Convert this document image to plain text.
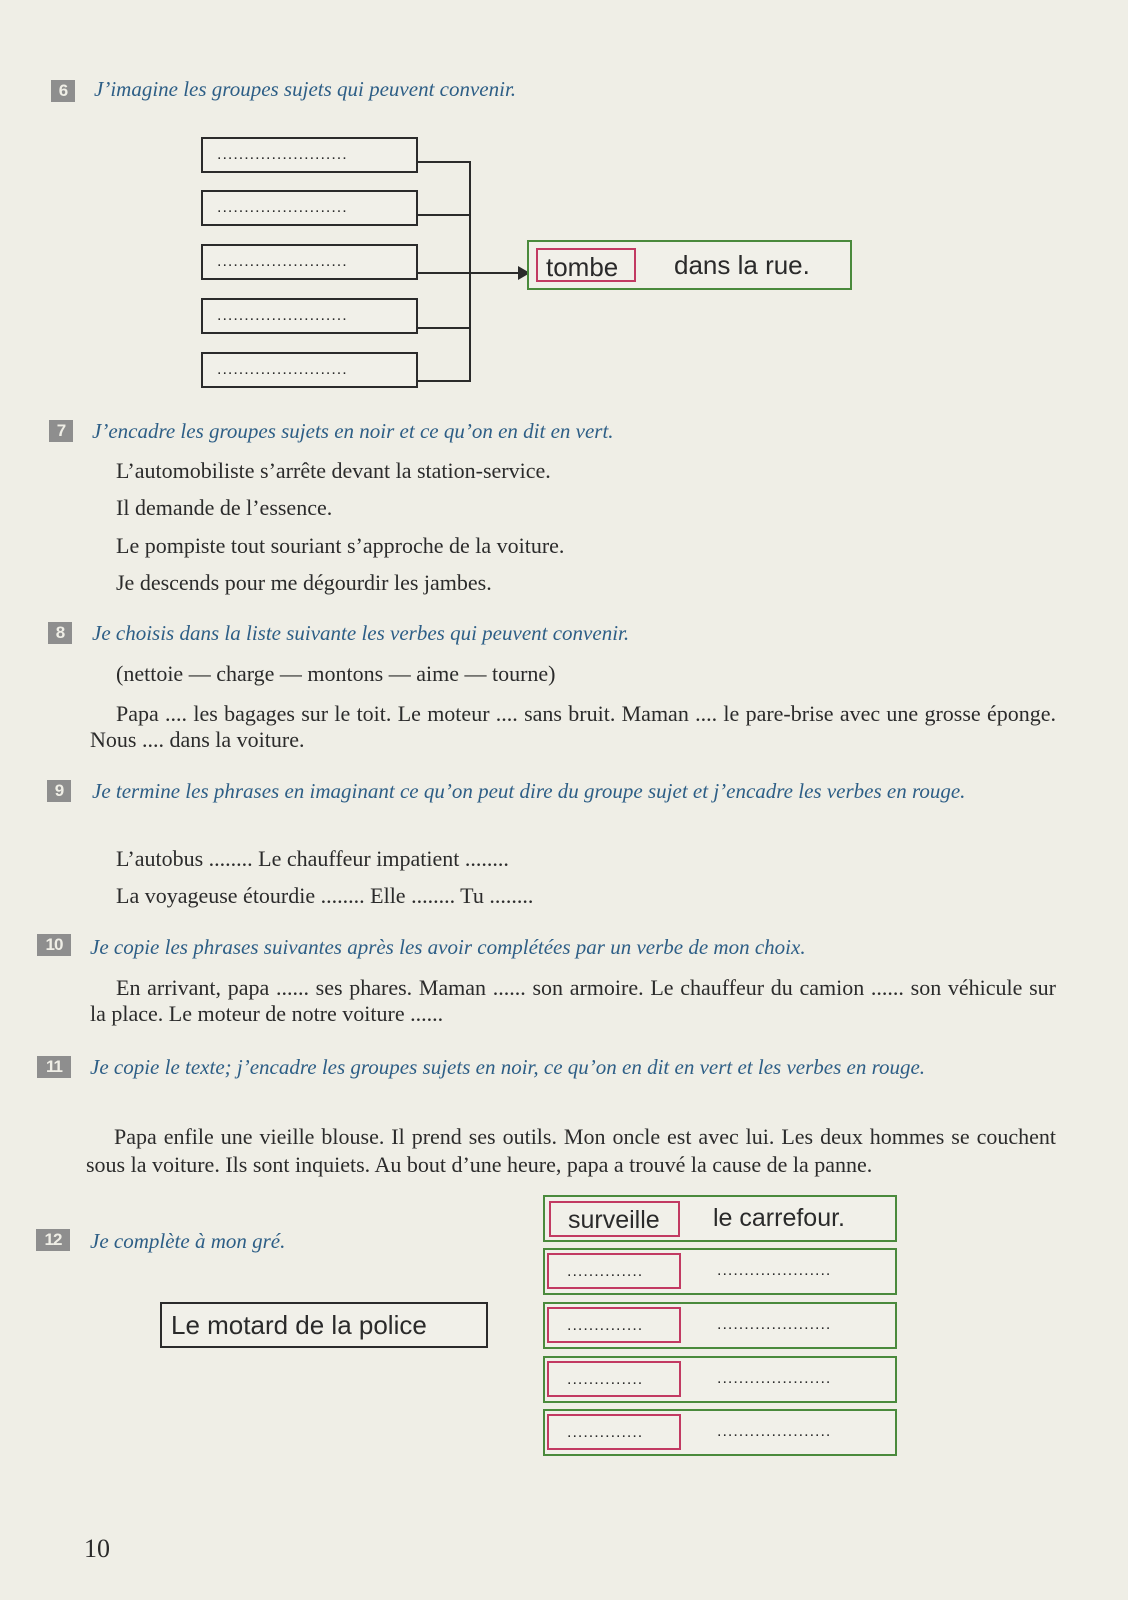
6	J’imagine les groupes sujets qui peuvent convenir.
........................
........................
........................
........................
........................
tombe dans la rue.
7	J’encadre les groupes sujets en noir et ce qu’on en dit en vert.
L’automobiliste s’arrête devant la station-service.
Il demande de l’essence.
Le pompiste tout souriant s’approche de la voiture.
Je descends pour me dégourdir les jambes.
8	Je choisis dans la liste suivante les verbes qui peuvent convenir.
(nettoie — charge — montons — aime — tourne)
Papa .... les bagages sur le toit. Le moteur .... sans bruit. Maman .... le pare-brise avec une grosse éponge. Nous .... dans la voiture.
9	Je termine les phrases en imaginant ce qu’on peut dire du groupe sujet et j’encadre les verbes en rouge.
L’autobus ........ Le chauffeur impatient ........
La voyageuse étourdie ........ Elle ........ Tu ........
10	Je copie les phrases suivantes après les avoir complétées par un verbe de mon choix.
En arrivant, papa ...... ses phares. Maman ...... son armoire. Le chauffeur du camion ...... son véhicule sur la place. Le moteur de notre voiture ......
11	Je copie le texte; j’encadre les groupes sujets en noir, ce qu’on en dit en vert et les verbes en rouge.
Papa enfile une vieille blouse. Il prend ses outils. Mon oncle est avec lui. Les deux hommes se couchent sous la voiture. Ils sont inquiets. Au bout d’une heure, papa a trouvé la cause de la panne.
12	Je complète à mon gré.
Le motard de la police
surveille le carrefour.
..............	.....................
..............	.....................
..............	.....................
..............	.....................
10
